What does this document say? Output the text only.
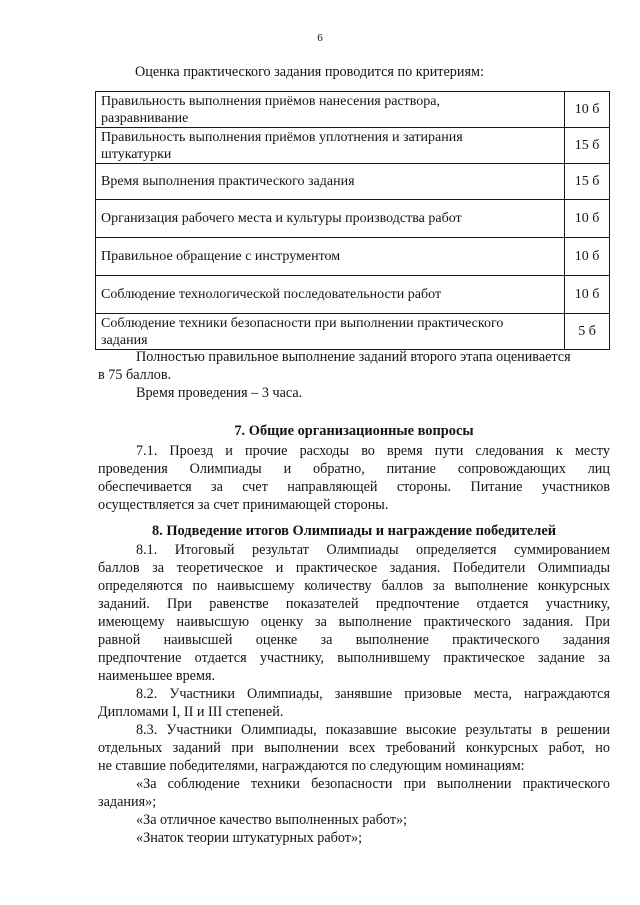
6
Оценка практического задания проводится по критериям:
Правильность выполнения приёмов нанесения раствора,
разравнивание	10 б

Правильность выполнения приёмов уплотнения и затирания
штукатурки	15 б

Время выполнения практического задания	15 б

Организация рабочего места и культуры производства работ	10 б

Правильное обращение с инструментом	10 б

Соблюдение технологической последовательности работ	10 б

Соблюдение техники безопасности при выполнении практического
задания	5 б
Полностью правильное выполнение заданий второго этапа оценивается
в 75 баллов.
Время проведения – 3 часа.
7. Общие организационные вопросы
7.1. Проезд и прочие расходы во время пути следования к месту
проведения Олимпиады и обратно, питание сопровождающих лиц
обеспечивается за счет направляющей стороны. Питание участников
осуществляется за счет принимающей стороны.
8. Подведение итогов Олимпиады и награждение победителей
8.1. Итоговый результат Олимпиады определяется суммированием
баллов за теоретическое и практическое задания. Победители Олимпиады
определяются по наивысшему количеству баллов за выполнение конкурсных
заданий. При равенстве показателей предпочтение отдается участнику,
имеющему наивысшую оценку за выполнение практического задания. При
равной наивысшей оценке за выполнение практического задания
предпочтение отдается участнику, выполнившему практическое задание за
наименьшее время.
8.2. Участники Олимпиады, занявшие призовые места, награждаются
Дипломами I, II и III степеней.
8.3. Участники Олимпиады, показавшие высокие результаты в решении
отдельных заданий при выполнении всех требований конкурсных работ, но
не ставшие победителями, награждаются по следующим номинациям:
«За соблюдение техники безопасности при выполнении практического
задания»;
«За отличное качество выполненных работ»;
«Знаток теории штукатурных работ»;
